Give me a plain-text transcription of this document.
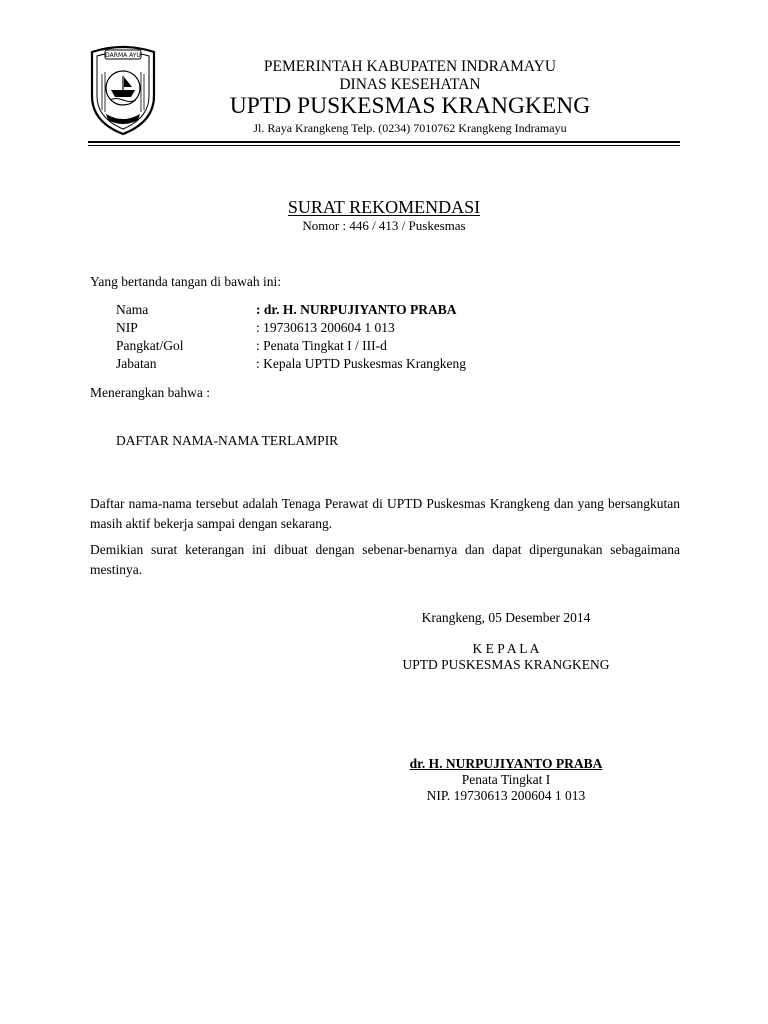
DARMA AYU
PEMERINTAH KABUPATEN INDRAMAYU
DINAS KESEHATAN
UPTD PUSKESMAS KRANGKENG
Jl. Raya Krangkeng Telp. (0234) 7010762 Krangkeng Indramayu
SURAT REKOMENDASI
Nomor : 446 / 413 / Puskesmas
Yang bertanda tangan di bawah ini:
Nama	: dr. H. NURPUJIYANTO PRABA
NIP	: 19730613 200604 1 013
Pangkat/Gol	: Penata Tingkat I / III-d
Jabatan	: Kepala UPTD Puskesmas Krangkeng
Menerangkan bahwa :
DAFTAR NAMA-NAMA TERLAMPIR
Daftar nama-nama tersebut adalah Tenaga Perawat di UPTD Puskesmas Krangkeng dan yang bersangkutan masih aktif bekerja sampai dengan sekarang.
Demikian surat keterangan ini dibuat dengan sebenar-benarnya dan dapat dipergunakan sebagaimana mestinya.
Krangkeng, 05 Desember 2014
K E P A L A
UPTD PUSKESMAS KRANGKENG
dr. H. NURPUJIYANTO PRABA
Penata Tingkat I
NIP. 19730613 200604 1 013
